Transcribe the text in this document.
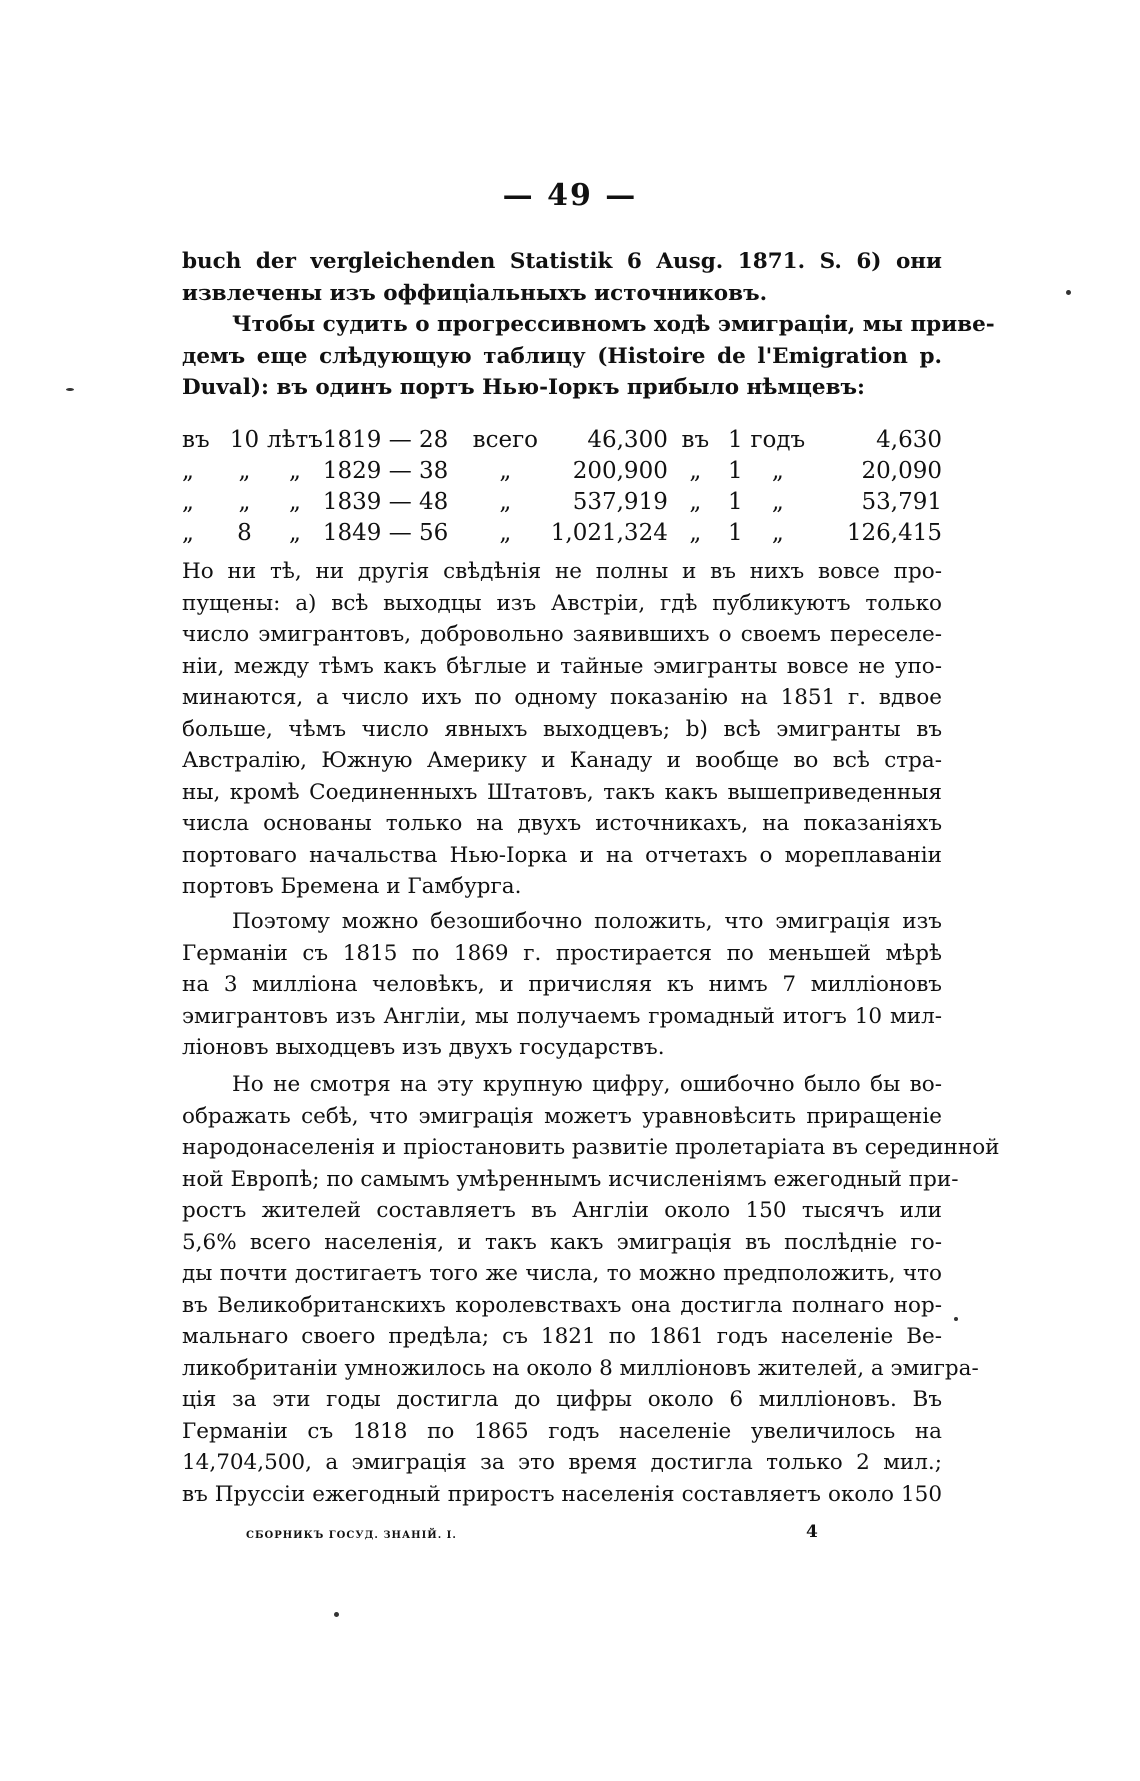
— 49 —
buch der vergleichenden Statistik 6 Ausg. 1871. S. 6) они
извлечены изъ оффиціальныхъ источниковъ.
Чтобы судить о прогрессивномъ ходѣ эмиграціи, мы приве-
демъ еще слѣдующую таблицу (Histoire de l'Emigration p.
Duval): въ одинъ портъ Нью-Іоркъ прибыло нѣмцевъ:
въ	10	лѣтъ	1819 — 28	всего	46,300	въ	1	годъ	4,630
„	„	„	1829 — 38	„	200,900	„	1	„	20,090
„	„	„	1839 — 48	„	537,919	„	1	„	53,791
„	8	„	1849 — 56	„	1,021,324	„	1	„	126,415
Но ни тѣ, ни другія свѣдѣнія не полны и въ нихъ вовсе про-
пущены: а) всѣ выходцы изъ Австріи, гдѣ публикуютъ только
число эмигрантовъ, добровольно заявившихъ о своемъ переселе-
ніи, между тѣмъ какъ бѣглые и тайные эмигранты вовсе не упо-
минаются, а число ихъ по одному показанію на 1851 г. вдвое
больше, чѣмъ число явныхъ выходцевъ; b) всѣ эмигранты въ
Австралію, Южную Америку и Канаду и вообще во всѣ стра-
ны, кромѣ Соединенныхъ Штатовъ, такъ какъ вышеприведенныя
числа основаны только на двухъ источникахъ, на показаніяхъ
портоваго начальства Нью-Іорка и на отчетахъ о мореплаваніи
портовъ Бремена и Гамбурга.
Поэтому можно безошибочно положить, что эмиграція изъ
Германіи съ 1815 по 1869 г. простирается по меньшей мѣрѣ
на 3 милліона человѣкъ, и причисляя къ нимъ 7 милліоновъ
эмигрантовъ изъ Англіи, мы получаемъ громадный итогъ 10 мил-
ліоновъ выходцевъ изъ двухъ государствъ.
Но не смотря на эту крупную цифру, ошибочно было бы во-
ображать себѣ, что эмиграція можетъ уравновѣсить приращеніе
народонаселенія и пріостановить развитіе пролетаріата въ серединной
ной Европѣ; по самымъ умѣреннымъ исчисленіямъ ежегодный при-
ростъ жителей составляетъ въ Англіи около 150 тысячъ или
5,6% всего населенія, и такъ какъ эмиграція въ послѣдніе го-
ды почти достигаетъ того же числа, то можно предположить, что
въ Великобританскихъ королевствахъ она достигла полнаго нор-
мальнаго своего предѣла; съ 1821 по 1861 годъ населеніе Ве-
ликобританіи умножилось на около 8 милліоновъ жителей, а эмигра-
ція за эти годы достигла до цифры около 6 милліоновъ. Въ
Германіи съ 1818 по 1865 годъ населеніе увеличилось на
14,704,500, а эмиграція за это время достигла только 2 мил.;
въ Пруссіи ежегодный приростъ населенія составляетъ около 150
СБОРНИКЪ ГОСУД. ЗНАНІЙ. I.	4
